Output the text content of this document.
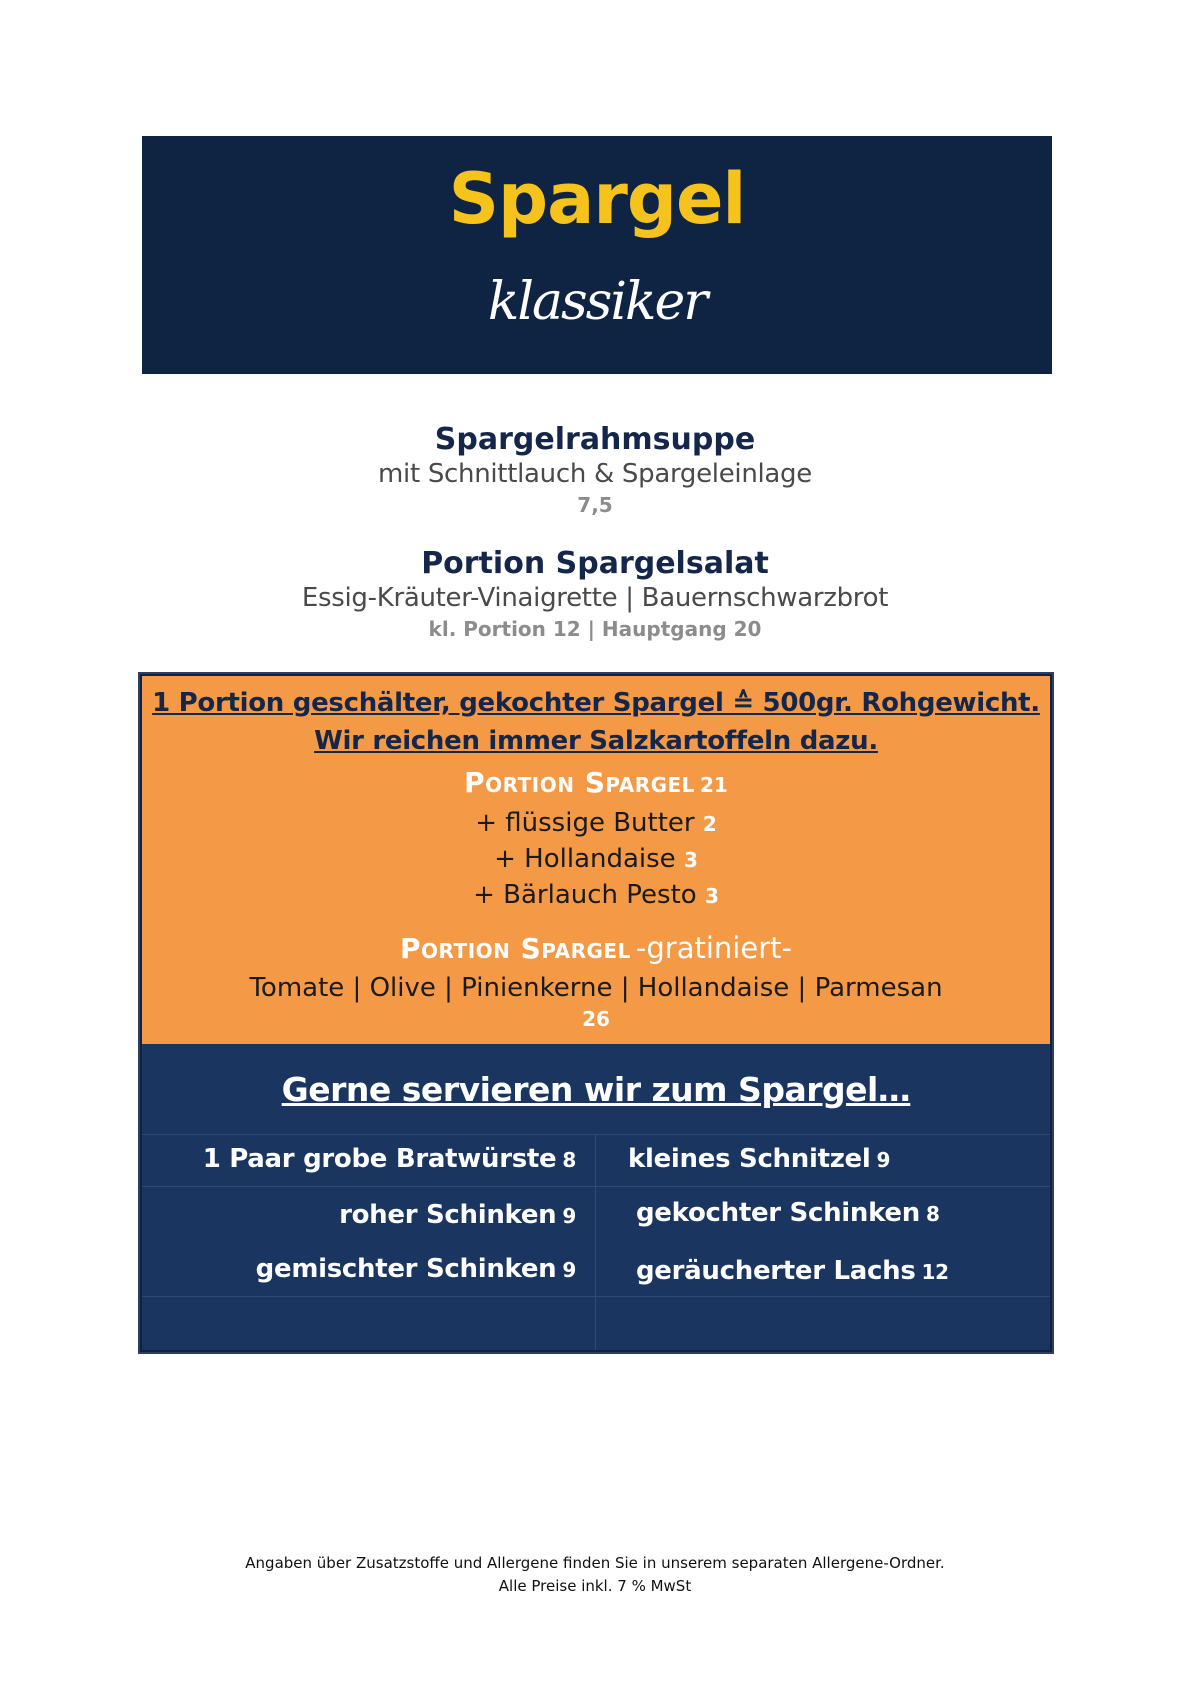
Spargel
klassiker
Spargelrahmsuppe
mit Schnittlauch & Spargeleinlage
7,5
Portion Spargelsalat
Essig-Kräuter-Vinaigrette | Bauernschwarzbrot
kl. Portion 12 | Hauptgang 20
1 Portion geschälter, gekochter Spargel ≙ 500gr. Rohgewicht.
Wir reichen immer Salzkartoffeln dazu.
Portion Spargel 21
+ flüssige Butter 2
+ Hollandaise 3
+ Bärlauch Pesto 3
Portion Spargel -gratiniert-
Tomate | Olive | Pinienkerne | Hollandaise | Parmesan
26
Gerne servieren wir zum Spargel…
1 Paar grobe Bratwürste 8
roher Schinken 9
gemischter Schinken 9
kleines Schnitzel 9
gekochter Schinken 8
geräucherter Lachs 12
Angaben über Zusatzstoffe und Allergene finden Sie in unserem separaten Allergene-Ordner.
Alle Preise inkl. 7 % MwSt
